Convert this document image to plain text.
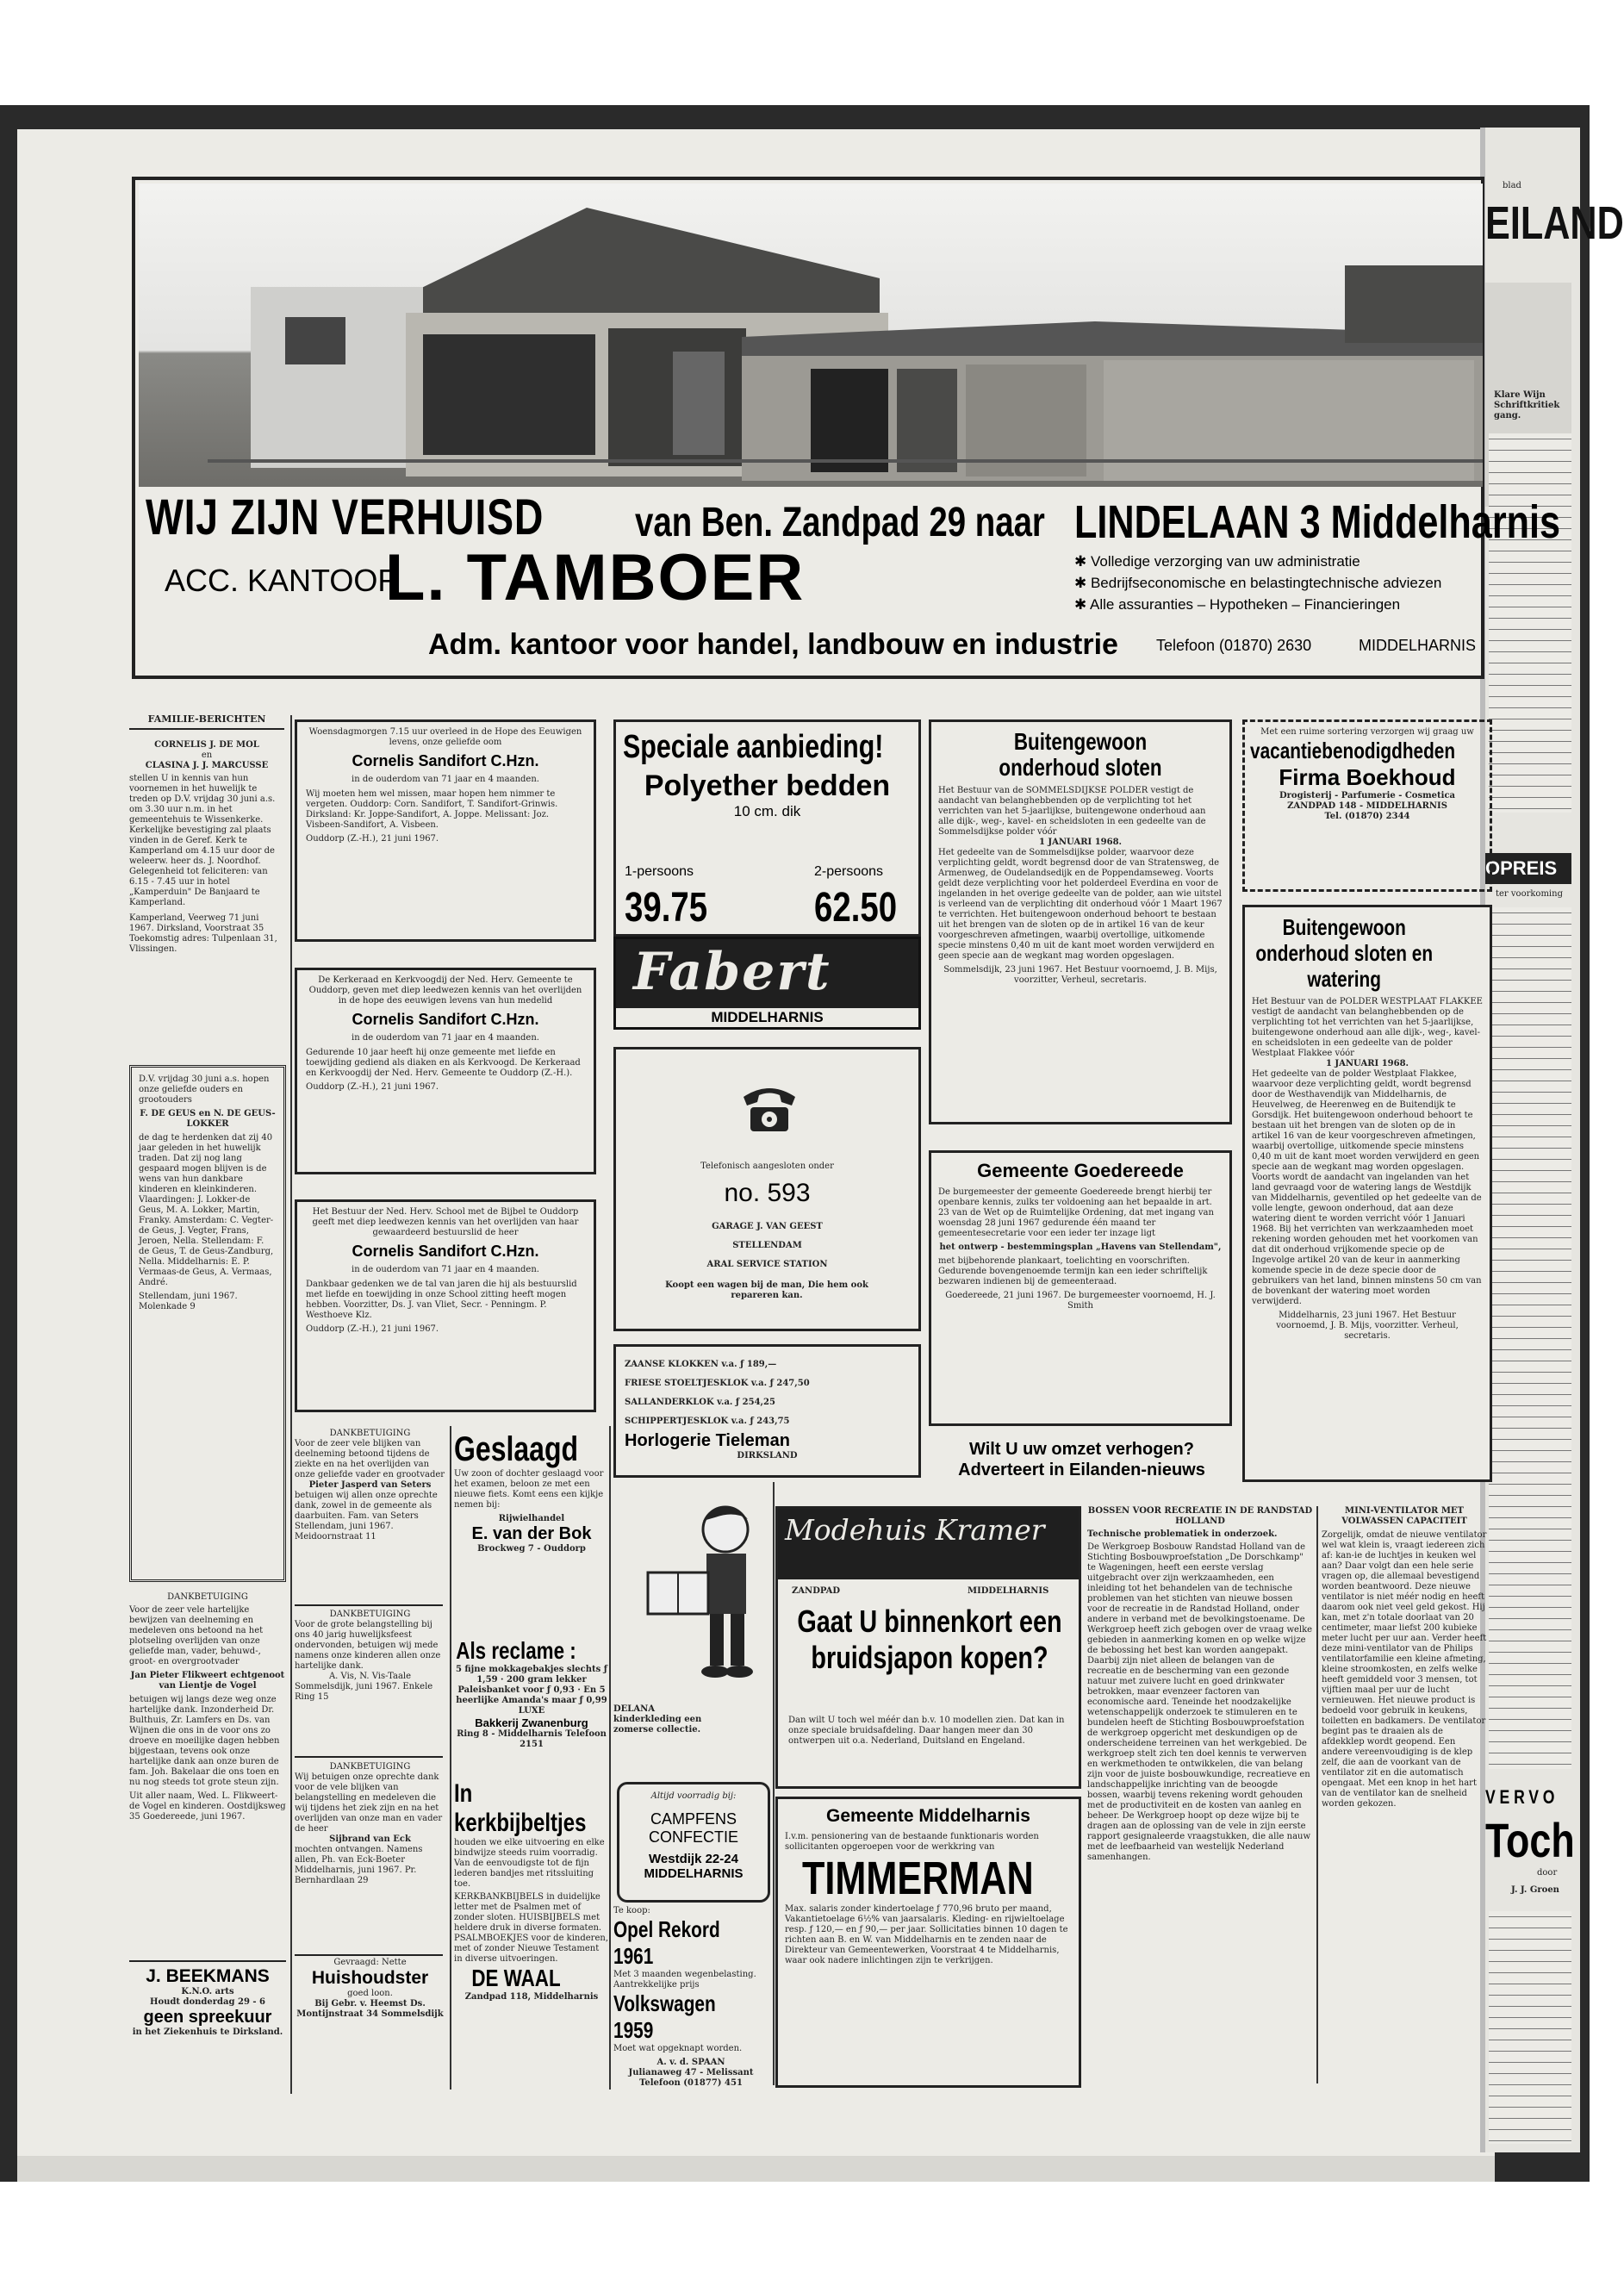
blad
EILAND
Klare Wijn Schriftkritiek gang.
OPREIS
ter voorkoming
VERVO
Toch
door
J. J. Groen
WIJ ZIJN VERHUISD	van Ben. Zandpad 29 naar LINDELAAN 3 Middelharnis
ACC. KANTOOR
L. TAMBOER	✱ Volledige verzorging van uw administratie
✱ Bedrijfseconomische en belastingtechnische adviezen
✱ Alle assuranties – Hypotheken – Financieringen
Adm. kantoor voor handel, landbouw en industrie Telefoon (01870) 2630	MIDDELHARNIS
FAMILIE-BERICHTEN
CORNELIS J. DE MOL
en
CLASINA J. J. MARCUSSE
stellen U in kennis van hun voornemen in het huwelijk te treden op D.V. vrijdag 30 juni a.s. om 3.30 uur n.m. in het gemeentehuis te Wissenkerke. Kerkelijke bevestiging zal plaats vinden in de Geref. Kerk te Kamperland om 4.15 uur door de weleerw. heer ds. J. Noordhof. Gelegenheid tot feliciteren: van 6.15 - 7.45 uur in hotel „Kamperduin" De Banjaard te Kamperland.
Kamperland, Veerweg 71 juni 1967. Dirksland, Voorstraat 35 Toekomstig adres: Tulpenlaan 31, Vlissingen.
D.V. vrijdag 30 juni a.s. hopen onze geliefde ouders en grootouders
F. DE GEUS en N. DE GEUS-LOKKER
de dag te herdenken dat zij 40 jaar geleden in het huwelijk traden. Dat zij nog lang gespaard mogen blijven is de wens van hun dankbare kinderen en kleinkinderen. Vlaardingen: J. Lokker-de Geus, M. A. Lokker, Martin, Franky. Amsterdam: C. Vegter-de Geus, J. Vegter, Frans, Jeroen, Nella. Stellendam: F. de Geus, T. de Geus-Zandburg, Nella. Middelharnis: E. P. Vermaas-de Geus, A. Vermaas, André.
Stellendam, juni 1967. Molenkade 9
DANKBETUIGING
Voor de zeer vele hartelijke bewijzen van deelneming en medeleven ons betoond na het plotseling overlijden van onze geliefde man, vader, behuwd-, groot- en overgrootvader
Jan Pieter Flikweert echtgenoot van Lientje de Vogel
betuigen wij langs deze weg onze hartelijke dank. Inzonderheid Dr. Bulthuis, Zr. Lamfers en Ds. van Wijnen die ons in de voor ons zo droeve en moeilijke dagen hebben bijgestaan, tevens ook onze hartelijke dank aan onze buren de fam. Joh. Bakelaar die ons toen en nu nog steeds tot grote steun zijn.
Uit aller naam, Wed. L. Flikweert-de Vogel en kinderen. Oostdijksweg 35 Goedereede, juni 1967.
J. BEEKMANS
K.N.O. arts
Houdt donderdag 29 - 6
geen spreekuur
in het Ziekenhuis te Dirksland.
Woensdagmorgen 7.15 uur overleed in de Hope des Eeuwigen levens, onze geliefde oom
Cornelis Sandifort C.Hzn.
in de ouderdom van 71 jaar en 4 maanden.
Wij moeten hem wel missen, maar hopen hem nimmer te vergeten. Ouddorp: Corn. Sandifort, T. Sandifort-Grinwis. Dirksland: Kr. Joppe-Sandifort, A. Joppe. Melissant: Joz. Visbeen-Sandifort, A. Visbeen.
Ouddorp (Z.-H.), 21 juni 1967.
De Kerkeraad en Kerkvoogdij der Ned. Herv. Gemeente te Ouddorp, geven met diep leedwezen kennis van het overlijden in de hope des eeuwigen levens van hun medelid
Cornelis Sandifort C.Hzn.
in de ouderdom van 71 jaar en 4 maanden.
Gedurende 10 jaar heeft hij onze gemeente met liefde en toewijding gediend als diaken en als Kerkvoogd. De Kerkeraad en Kerkvoogdij der Ned. Herv. Gemeente te Ouddorp (Z.-H.).
Ouddorp (Z.-H.), 21 juni 1967.
Het Bestuur der Ned. Herv. School met de Bijbel te Ouddorp geeft met diep leedwezen kennis van het overlijden van haar gewaardeerd bestuurslid de heer
Cornelis Sandifort C.Hzn.
in de ouderdom van 71 jaar en 4 maanden.
Dankbaar gedenken we de tal van jaren die hij als bestuurslid met liefde en toewijding in onze School zitting heeft mogen hebben. Voorzitter, Ds. J. van Vliet, Secr. - Penningm. P. Westhoeve Klz.
Ouddorp (Z.-H.), 21 juni 1967.
DANKBETUIGING
Voor de zeer vele blijken van deelneming betoond tijdens de ziekte en na het overlijden van onze geliefde vader en grootvader
Pieter Jasperd van Seters
betuigen wij allen onze oprechte dank, zowel in de gemeente als daarbuiten. Fam. van Seters
Stellendam, juni 1967. Meidoornstraat 11
DANKBETUIGING
Voor de grote belangstelling bij ons 40 jarig huwelijksfeest ondervonden, betuigen wij mede namens onze kinderen allen onze hartelijke dank.
A. Vis, N. Vis-Taale
Sommelsdijk, juni 1967. Enkele Ring 15
DANKBETUIGING
Wij betuigen onze oprechte dank voor de vele blijken van belangstelling en medeleven die wij tijdens het ziek zijn en na het overlijden van onze man en vader de heer
Sijbrand van Eck
mochten ontvangen. Namens allen, Ph. van Eck-Boeter
Middelharnis, juni 1967. Pr. Bernhardlaan 29
Gevraagd: Nette
Huishoudster
goed loon.
Bij Gebr. v. Heemst Ds. Montijnstraat 34 Sommelsdijk
Speciale aanbieding!
Polyether bedden
10 cm. dik
1-persoons	2-persoons
39.75	62.50
Fabert
MIDDELHARNIS
Telefonisch aangesloten onder
no. 593
GARAGE J. VAN GEEST
STELLENDAM
ARAL SERVICE STATION
Koopt een wagen bij de man, Die hem ook repareren kan.
ZAANSE KLOKKEN v.a. ƒ 189,—
FRIESE STOELTJESKLOK v.a. ƒ 247,50
SALLANDERKLOK v.a. ƒ 254,25
SCHIPPERTJESKLOK v.a. ƒ 243,75
Horlogerie Tieleman
DIRKSLAND
Geslaagd
Uw zoon of dochter geslaagd voor het examen, beloon ze met een nieuwe fiets. Komt eens een kijkje nemen bij:
Rijwielhandel
E. van der Bok
Brockweg 7 - Ouddorp
Als reclame :
5 fijne mokkagebakjes slechts ƒ 1,59 · 200 gram lekker Paleisbanket voor ƒ 0,93 · En 5 heerlijke Amanda's maar ƒ 0,99
LUXE
Bakkerij Zwanenburg
Ring 8 - Middelharnis Telefoon 2151
In kerkbijbeltjes
houden we elke uitvoering en elke bindwijze steeds ruim voorradig. Van de eenvoudigste tot de fijn lederen bandjes met ritssluiting toe.
KERKBANKBIJBELS in duidelijke letter met de Psalmen met of zonder sloten. HUISBIJBELS met heldere druk in diverse formaten. PSALMBOEKJES voor de kinderen, met of zonder Nieuwe Testament in diverse uitvoeringen.
DE WAAL
Zandpad 118, Middelharnis
DELANA kinderkleding een zomerse collectie.
Altijd voorradig bij:
CAMPFENS CONFECTIE
Westdijk 22-24 MIDDELHARNIS
Te koop:
Opel Rekord 1961
Met 3 maanden wegenbelasting. Aantrekkelijke prijs
Volkswagen 1959
Moet wat opgeknapt worden.
A. v. d. SPAAN
Julianaweg 47 - Melissant Telefoon (01877) 451
Buitengewoon onderhoud sloten
Het Bestuur van de SOMMELSDIJKSE POLDER vestigt de aandacht van belanghebbenden op de verplichting tot het verrichten van het 5-jaarlijkse, buitengewone onderhoud aan alle dijk-, weg-, kavel- en scheidsloten in een gedeelte van de Sommelsdijkse polder vóór
1 JANUARI 1968.
Het gedeelte van de Sommelsdijkse polder, waarvoor deze verplichting geldt, wordt begrensd door de van Stratensweg, de Armenweg, de Oudelandsedijk en de Poppendamseweg. Voorts geldt deze verplichting voor het polderdeel Everdina en voor de ingelanden in het overige gedeelte van de polder, aan wie uitstel is verleend van de verplichting dit onderhoud vóór 1 Maart 1967 te verrichten. Het buitengewoon onderhoud behoort te bestaan uit het brengen van de sloten op de in artikel 16 van de keur voorgeschreven afmetingen, waarbij overtollige, uitkomende specie minstens 0,40 m uit de kant moet worden verwijderd en geen specie aan de wegkant mag worden opgeslagen.
Sommelsdijk, 23 juni 1967. Het Bestuur voornoemd, J. B. Mijs, voorzitter, Verheul, secretaris.
Gemeente Goedereede
De burgemeester der gemeente Goedereede brengt hierbij ter openbare kennis, zulks ter voldoening aan het bepaalde in art. 23 van de Wet op de Ruimtelijke Ordening, dat met ingang van woensdag 28 juni 1967 gedurende één maand ter gemeentesecretarie voor een ieder ter inzage ligt
het ontwerp - bestemmingsplan „Havens van Stellendam",
met bijbehorende plankaart, toelichting en voorschriften. Gedurende bovengenoemde termijn kan een ieder schriftelijk bezwaren indienen bij de gemeenteraad.
Goedereede, 21 juni 1967. De burgemeester voornoemd, H. J. Smith
Wilt U uw omzet verhogen? Adverteert in Eilanden-nieuws
Modehuis Kramer
ZANDPAD	MIDDELHARNIS
Gaat U binnenkort een bruidsjapon kopen?
Dan wilt U toch wel méér dan b.v. 10 modellen zien. Dat kan in onze speciale bruidsafdeling. Daar hangen meer dan 30 ontwerpen uit o.a. Nederland, Duitsland en Engeland.
Gemeente Middelharnis
I.v.m. pensionering van de bestaande funktionaris worden sollicitanten opgeroepen voor de werkkring van
TIMMERMAN
Max. salaris zonder kindertoelage ƒ 770,96 bruto per maand, Vakantietoelage 6½% van jaarsalaris. Kleding- en rijwieltoelage resp. ƒ 120,— en ƒ 90,— per jaar. Sollicitaties binnen 10 dagen te richten aan B. en W. van Middelharnis en te zenden naar de Direkteur van Gemeentewerken, Voorstraat 4 te Middelharnis, waar ook nadere inlichtingen zijn te verkrijgen.
Met een ruime sortering verzorgen wij graag uw
vacantiebenodigdheden
Firma Boekhoud
Drogisterij - Parfumerie - Cosmetica
ZANDPAD 148 - MIDDELHARNIS
Tel. (01870) 2344
Buitengewoon onderhoud sloten en watering
Het Bestuur van de POLDER WESTPLAAT FLAKKEE vestigt de aandacht van belanghebbenden op de verplichting tot het verrichten van het 5-jaarlijkse, buitengewone onderhoud aan alle dijk-, weg-, kavel- en scheidsloten in een gedeelte van de polder Westplaat Flakkee vóór
1 JANUARI 1968.
Het gedeelte van de polder Westplaat Flakkee, waarvoor deze verplichting geldt, wordt begrensd door de Westhavendijk van Middelharnis, de Heuvelweg, de Heerenweg en de Buitendijk te Gorsdijk. Het buitengewoon onderhoud behoort te bestaan uit het brengen van de sloten op de in artikel 16 van de keur voorgeschreven afmetingen, waarbij overtollige, uitkomende specie minstens 0,40 m uit de kant moet worden verwijderd en geen specie aan de wegkant mag worden opgeslagen. Voorts wordt de aandacht van ingelanden van het land gevraagd voor de watering langs de Westdijk van Middelharnis, geventiled op het gedeelte van de volle lengte, gewoon onderhoud, dat aan deze watering dient te worden verricht vóór 1 Januari 1968. Bij het verrichten van werkzaamheden moet rekening worden gehouden met het voorkomen van dat dit onderhoud vrijkomende specie op de Ingevolge artikel 20 van de keur in aanmerking komende specie in de deze specie door de gebruikers van het land, binnen minstens 50 cm van de bovenkant der watering moet worden verwijderd.
Middelharnis, 23 juni 1967. Het Bestuur voornoemd, J. B. Mijs, voorzitter. Verheul, secretaris.
BOSSEN VOOR RECREATIE IN DE RANDSTAD HOLLAND
Technische problematiek in onderzoek.
De Werkgroep Bosbouw Randstad Holland van de Stichting Bosbouwproefstation „De Dorschkamp" te Wageningen, heeft een eerste verslag uitgebracht over zijn werkzaamheden, een inleiding tot het behandelen van de technische problemen van het stichten van nieuwe bossen voor de recreatie in de Randstad Holland, onder andere in verband met de bevolkingstoename. De Werkgroep heeft zich gebogen over de vraag welke gebieden in aanmerking komen en op welke wijze de bebossing het best kan worden aangepakt. Daarbij zijn niet alleen de belangen van de recreatie en de bescherming van een gezonde natuur met zuivere lucht en goed drinkwater betrokken, maar evenzeer factoren van economische aard. Teneinde het noodzakelijke wetenschappelijk onderzoek te stimuleren en te bundelen heeft de Stichting Bosbouwproefstation de werkgroep opgericht met deskundigen op de onderscheidene terreinen van het werkgebied. De werkgroep stelt zich ten doel kennis te verwerven en werkmethoden te ontwikkelen, die van belang zijn voor de juiste bosbouwkundige, recreatieve en landschappelijke inrichting van de beoogde bossen, waarbij tevens rekening wordt gehouden met de productiviteit en de kosten van aanleg en beheer. De Werkgroep hoopt op deze wijze bij te dragen aan de oplossing van de vele in zijn eerste rapport gesignaleerde vraagstukken, die alle nauw met de leefbaarheid van westelijk Nederland samenhangen.
MINI-VENTILATOR MET VOLWASSEN CAPACITEIT
Zorgelijk, omdat de nieuwe ventilator wel wat klein is, vraagt iedereen zich af: kan-ie de luchtjes in keuken wel aan? Daar volgt dan een hele serie vragen op, die allemaal bevestigend worden beantwoord. Deze nieuwe ventilator is niet méér nodig en heeft daarom ook niet veel geld gekost. Hij kan, met z'n totale doorlaat van 20 centimeter, maar liefst 200 kubieke meter lucht per uur aan. Verder heeft deze mini-ventilator van de Philips ventilatorfamilie een kleine afmeting, kleine stroomkosten, en zelfs welke heeft gemiddeld voor 3 mensen, tot vijftien maal per uur de lucht vernieuwen. Het nieuwe product is bedoeld voor gebruik in keukens, toiletten en badkamers. De ventilator begint pas te draaien als de afdekklep wordt geopend. Een andere vereenvoudiging is de klep zelf, die aan de voorkant van de ventilator zit en die automatisch opengaat. Met een knop in het hart van de ventilator kan de snelheid worden gekozen.
